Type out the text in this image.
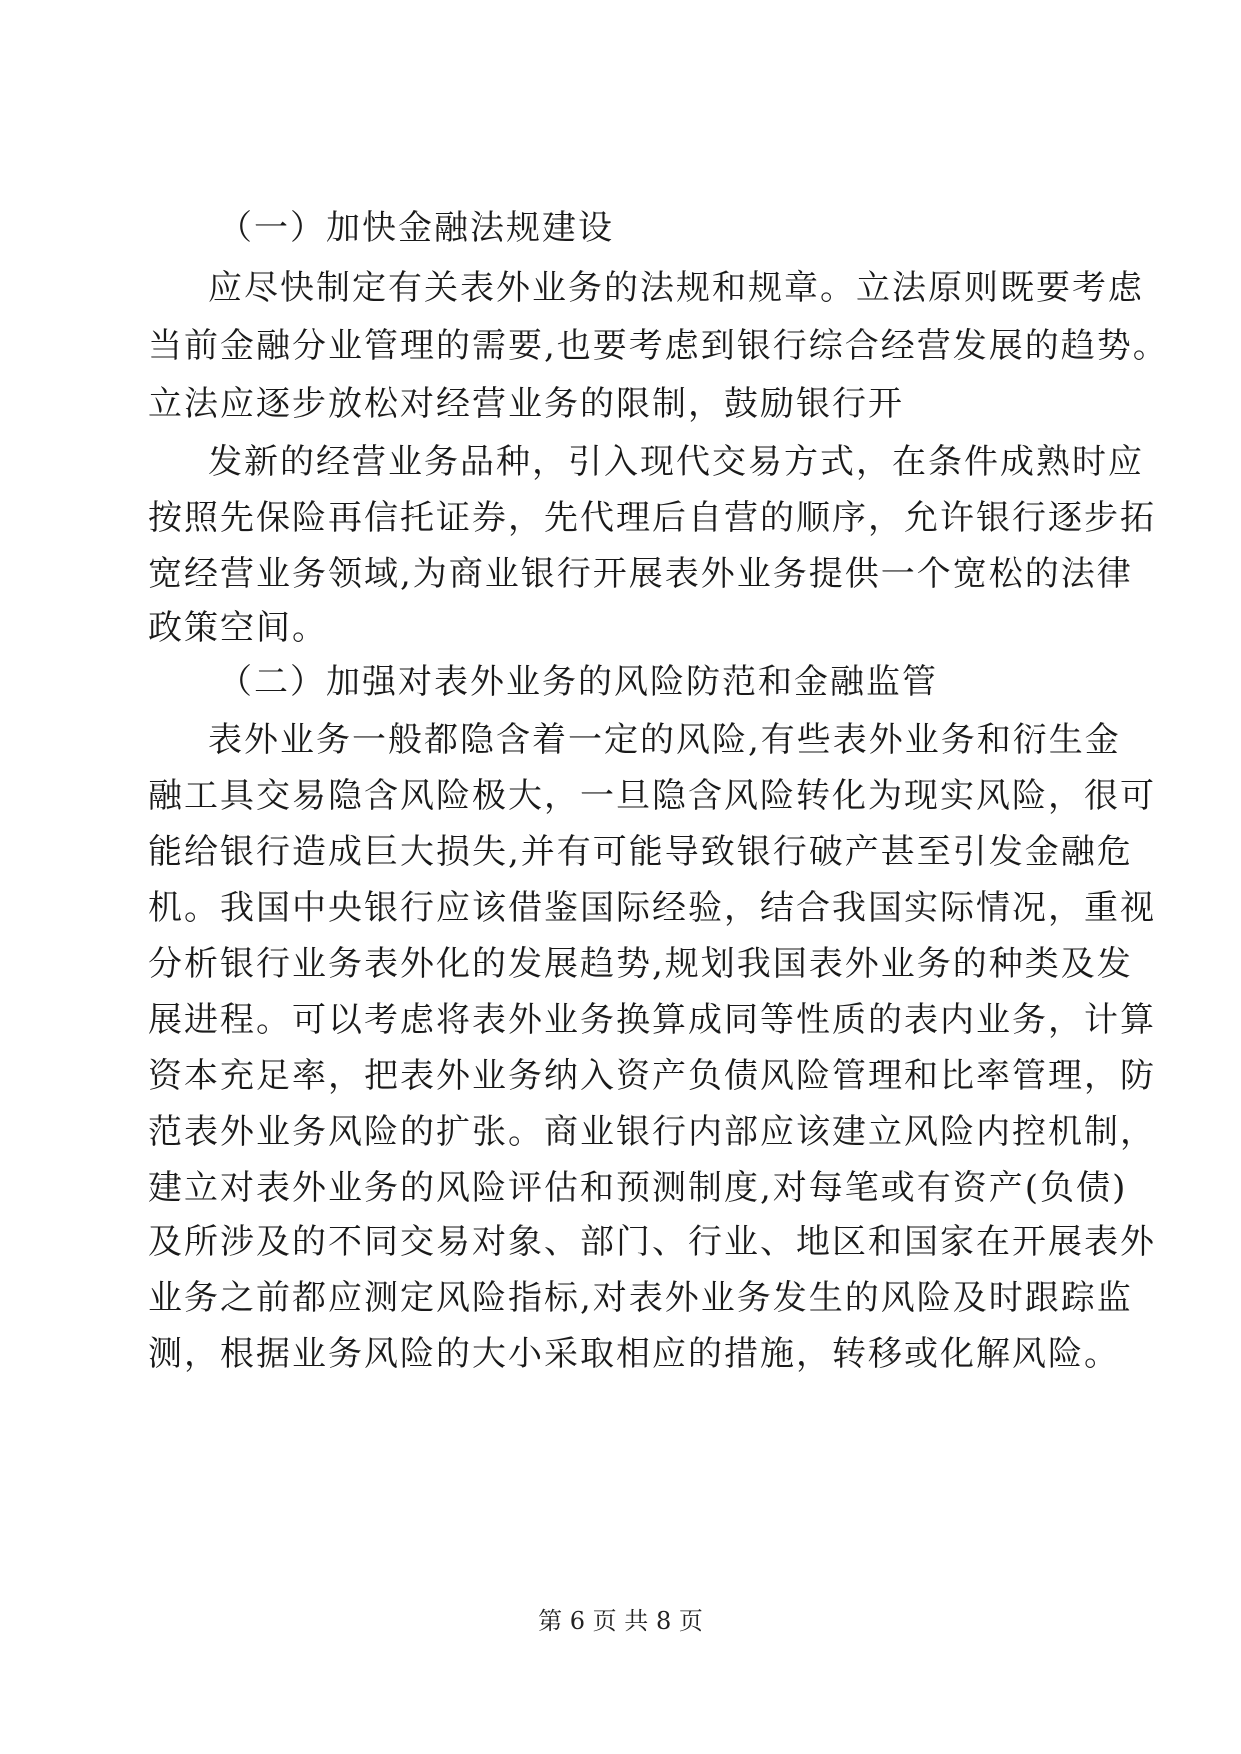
（一）加快金融法规建设
应尽快制定有关表外业务的法规和规章。立法原则既要考虑
当前金融分业管理的需要,也要考虑到银行综合经营发展的趋势。
立法应逐步放松对经营业务的限制，鼓励银行开
发新的经营业务品种，引入现代交易方式，在条件成熟时应
按照先保险再信托证券，先代理后自营的顺序，允许银行逐步拓
宽经营业务领域,为商业银行开展表外业务提供一个宽松的法律
政策空间。
（二）加强对表外业务的风险防范和金融监管
表外业务一般都隐含着一定的风险,有些表外业务和衍生金
融工具交易隐含风险极大，一旦隐含风险转化为现实风险，很可
能给银行造成巨大损失,并有可能导致银行破产甚至引发金融危
机。我国中央银行应该借鉴国际经验，结合我国实际情况，重视
分析银行业务表外化的发展趋势,规划我国表外业务的种类及发
展进程。可以考虑将表外业务换算成同等性质的表内业务，计算
资本充足率，把表外业务纳入资产负债风险管理和比率管理，防
范表外业务风险的扩张。商业银行内部应该建立风险内控机制，
建立对表外业务的风险评估和预测制度,对每笔或有资产(负债)
及所涉及的不同交易对象、部门、行业、地区和国家在开展表外
业务之前都应测定风险指标,对表外业务发生的风险及时跟踪监
测，根据业务风险的大小采取相应的措施，转移或化解风险。
第 6 页 共 8 页
